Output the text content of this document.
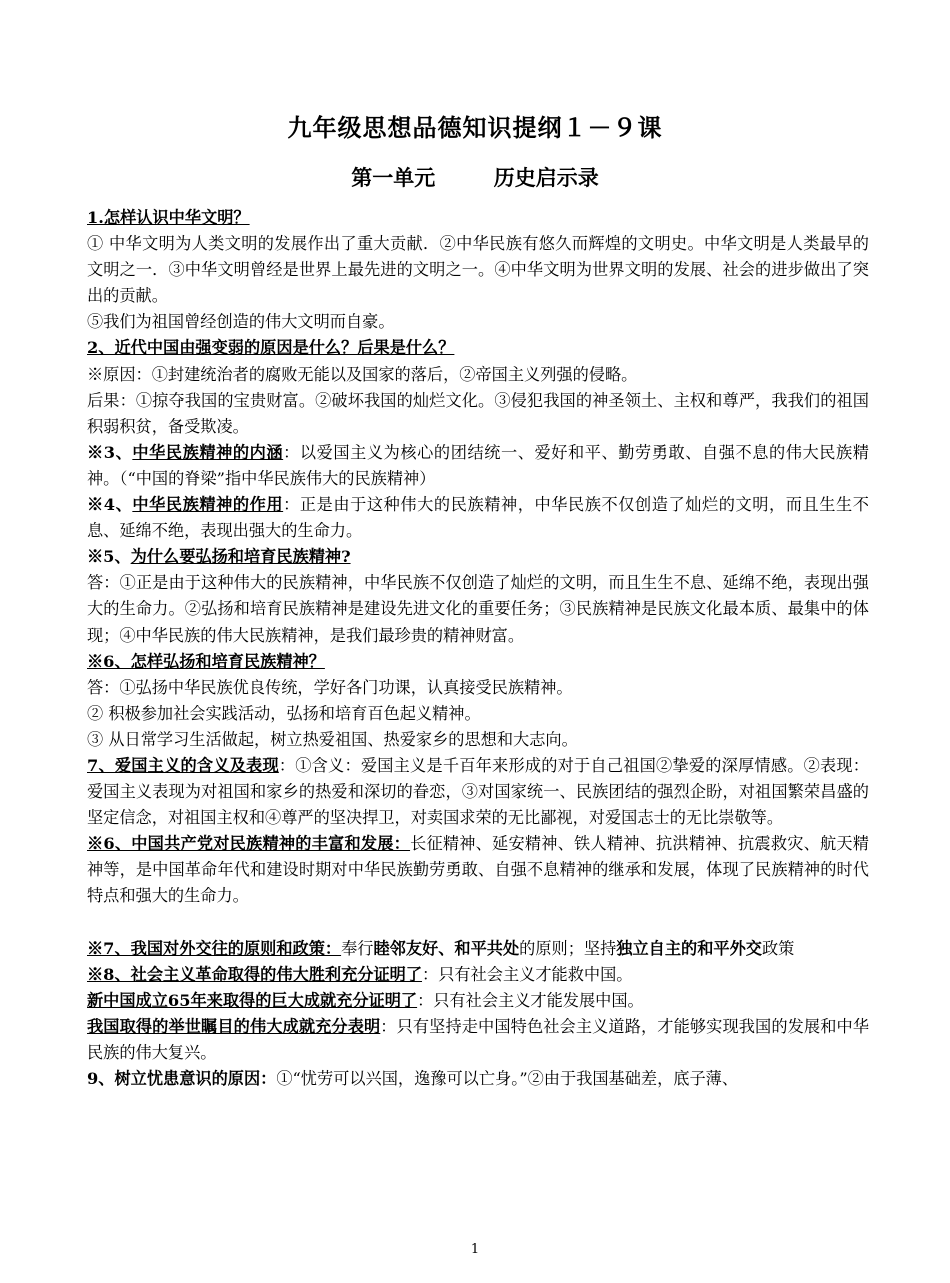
九年级思想品德知识提纲１－９课
第一单元        历史启示录

1.怎样认识中华文明？

① 中华文明为人类文明的发展作出了重大贡献．②中华民族有悠久而辉煌的文明史。中华文明是人类最早的文明之一．③中华文明曾经是世界上最先进的文明之一。④中华文明为世界文明的发展、社会的进步做出了突出的贡献。

⑤我们为祖国曾经创造的伟大文明而自豪。

2、近代中国由强变弱的原因是什么？后果是什么？

※原因：①封建统治者的腐败无能以及国家的落后，②帝国主义列强的侵略。

后果：①掠夺我国的宝贵财富。②破坏我国的灿烂文化。③侵犯我国的神圣领土、主权和尊严，我我们的祖国积弱积贫，备受欺凌。

※3、中华民族精神的内涵：以爱国主义为核心的团结统一、爱好和平、勤劳勇敢、自强不息的伟大民族精神。（“中国的脊梁”指中华民族伟大的民族精神）

※4、中华民族精神的作用：正是由于这种伟大的民族精神，中华民族不仅创造了灿烂的文明，而且生生不息、延绵不绝，表现出强大的生命力。

※5、为什么要弘扬和培育民族精神?

答：①正是由于这种伟大的民族精神，中华民族不仅创造了灿烂的文明，而且生生不息、延绵不绝，表现出强大的生命力。②弘扬和培育民族精神是建设先进文化的重要任务；③民族精神是民族文化最本质、最集中的体现；④中华民族的伟大民族精神，是我们最珍贵的精神财富。

※6、怎样弘扬和培育民族精神？

答：①弘扬中华民族优良传统，学好各门功课，认真接受民族精神。

② 积极参加社会实践活动，弘扬和培育百色起义精神。

③ 从日常学习生活做起，树立热爱祖国、热爱家乡的思想和大志向。

7、爱国主义的含义及表现：①含义：爱国主义是千百年来形成的对于自己祖国②挚爱的深厚情感。②表现：爱国主义表现为对祖国和家乡的热爱和深切的眷恋，③对国家统一、民族团结的强烈企盼，对祖国繁荣昌盛的坚定信念，对祖国主权和④尊严的坚决捍卫，对卖国求荣的无比鄙视，对爱国志士的无比崇敬等。

※6、中国共产党对民族精神的丰富和发展：长征精神、延安精神、铁人精神、抗洪精神、抗震救灾、航天精神等，是中国革命年代和建设时期对中华民族勤劳勇敢、自强不息精神的继承和发展，体现了民族精神的时代特点和强大的生命力。

※7、我国对外交往的原则和政策：奉行睦邻友好、和平共处的原则；坚持独立自主的和平外交政策

※8、社会主义革命取得的伟大胜利充分证明了：只有社会主义才能救中国。

新中国成立65年来取得的巨大成就充分证明了：只有社会主义才能发展中国。

我国取得的举世瞩目的伟大成就充分表明：只有坚持走中国特色社会主义道路，才能够实现我国的发展和中华民族的伟大复兴。

9、树立忧患意识的原因：①“忧劳可以兴国，逸豫可以亡身。”②由于我国基础差，底子薄、

1
